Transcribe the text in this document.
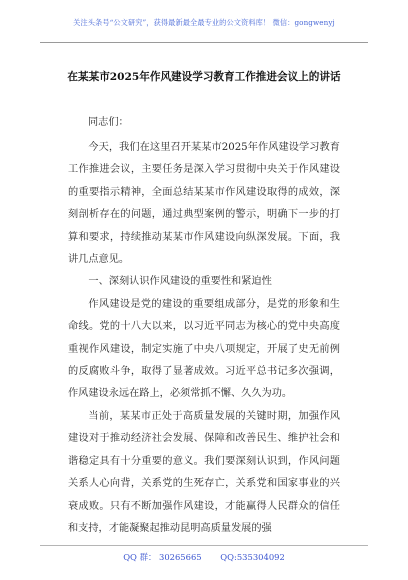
关注头条号“公文研究”，获得最新最全最专业的公文资料库！ 微信：gongwenyj
在某某市2025年作风建设学习教育工作推进会议上的讲话

同志们：

今天，我们在这里召开某某市2025年作风建设学习教育工作推进会议，主要任务是深入学习贯彻中央关于作风建设的重要指示精神，全面总结某某市作风建设取得的成效，深刻剖析存在的问题，通过典型案例的警示，明确下一步的打算和要求，持续推动某某市作风建设向纵深发展。下面，我讲几点意见。

一、深刻认识作风建设的重要性和紧迫性

作风建设是党的建设的重要组成部分，是党的形象和生命线。党的十八大以来，以习近平同志为核心的党中央高度重视作风建设，制定实施了中央八项规定，开展了史无前例的反腐败斗争，取得了显著成效。习近平总书记多次强调，作风建设永远在路上，必须常抓不懈、久久为功。

当前，某某市正处于高质量发展的关键时期，加强作风建设对于推动经济社会发展、保障和改善民生、维护社会和谐稳定具有十分重要的意义。我们要深刻认识到，作风问题关系人心向背，关系党的生死存亡，关系党和国家事业的兴衰成败。只有不断加强作风建设，才能赢得人民群众的信任和支持，才能凝聚起推动昆明高质量发展的强

QQ 群： 30265665 QQ:535304092
